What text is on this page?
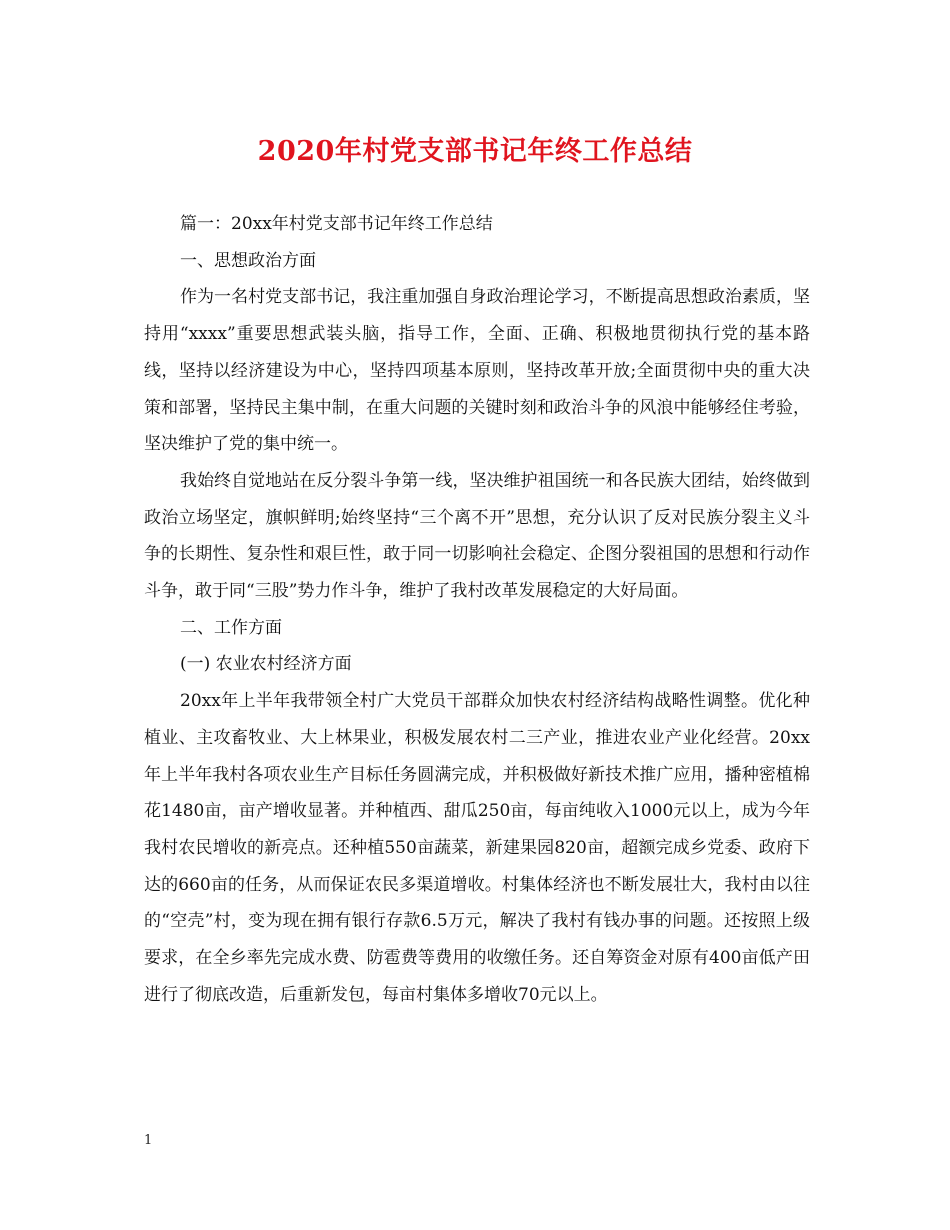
2020年村党支部书记年终工作总结

篇一：20xx年村党支部书记年终工作总结

一、思想政治方面

作为一名村党支部书记，我注重加强自身政治理论学习，不断提高思想政治素质，坚持用“xxxx”重要思想武装头脑，指导工作，全面、正确、积极地贯彻执行党的基本路线，坚持以经济建设为中心，坚持四项基本原则，坚持改革开放;全面贯彻中央的重大决策和部署，坚持民主集中制，在重大问题的关键时刻和政治斗争的风浪中能够经住考验，坚决维护了党的集中统一。

我始终自觉地站在反分裂斗争第一线，坚决维护祖国统一和各民族大团结，始终做到政治立场坚定，旗帜鲜明;始终坚持“三个离不开”思想，充分认识了反对民族分裂主义斗争的长期性、复杂性和艰巨性，敢于同一切影响社会稳定、企图分裂祖国的思想和行动作斗争，敢于同“三股”势力作斗争，维护了我村改革发展稳定的大好局面。

二、工作方面

(一) 农业农村经济方面

20xx年上半年我带领全村广大党员干部群众加快农村经济结构战略性调整。优化种植业、主攻畜牧业、大上林果业，积极发展农村二三产业，推进农业产业化经营。20xx年上半年我村各项农业生产目标任务圆满完成，并积极做好新技术推广应用，播种密植棉花1480亩，亩产增收显著。并种植西、甜瓜250亩，每亩纯收入1000元以上，成为今年我村农民增收的新亮点。还种植550亩蔬菜，新建果园820亩，超额完成乡党委、政府下达的660亩的任务，从而保证农民多渠道增收。村集体经济也不断发展壮大，我村由以往的“空壳”村，变为现在拥有银行存款6.5万元，解决了我村有钱办事的问题。还按照上级要求，在全乡率先完成水费、防雹费等费用的收缴任务。还自筹资金对原有400亩低产田进行了彻底改造，后重新发包，每亩村集体多增收70元以上。

1
